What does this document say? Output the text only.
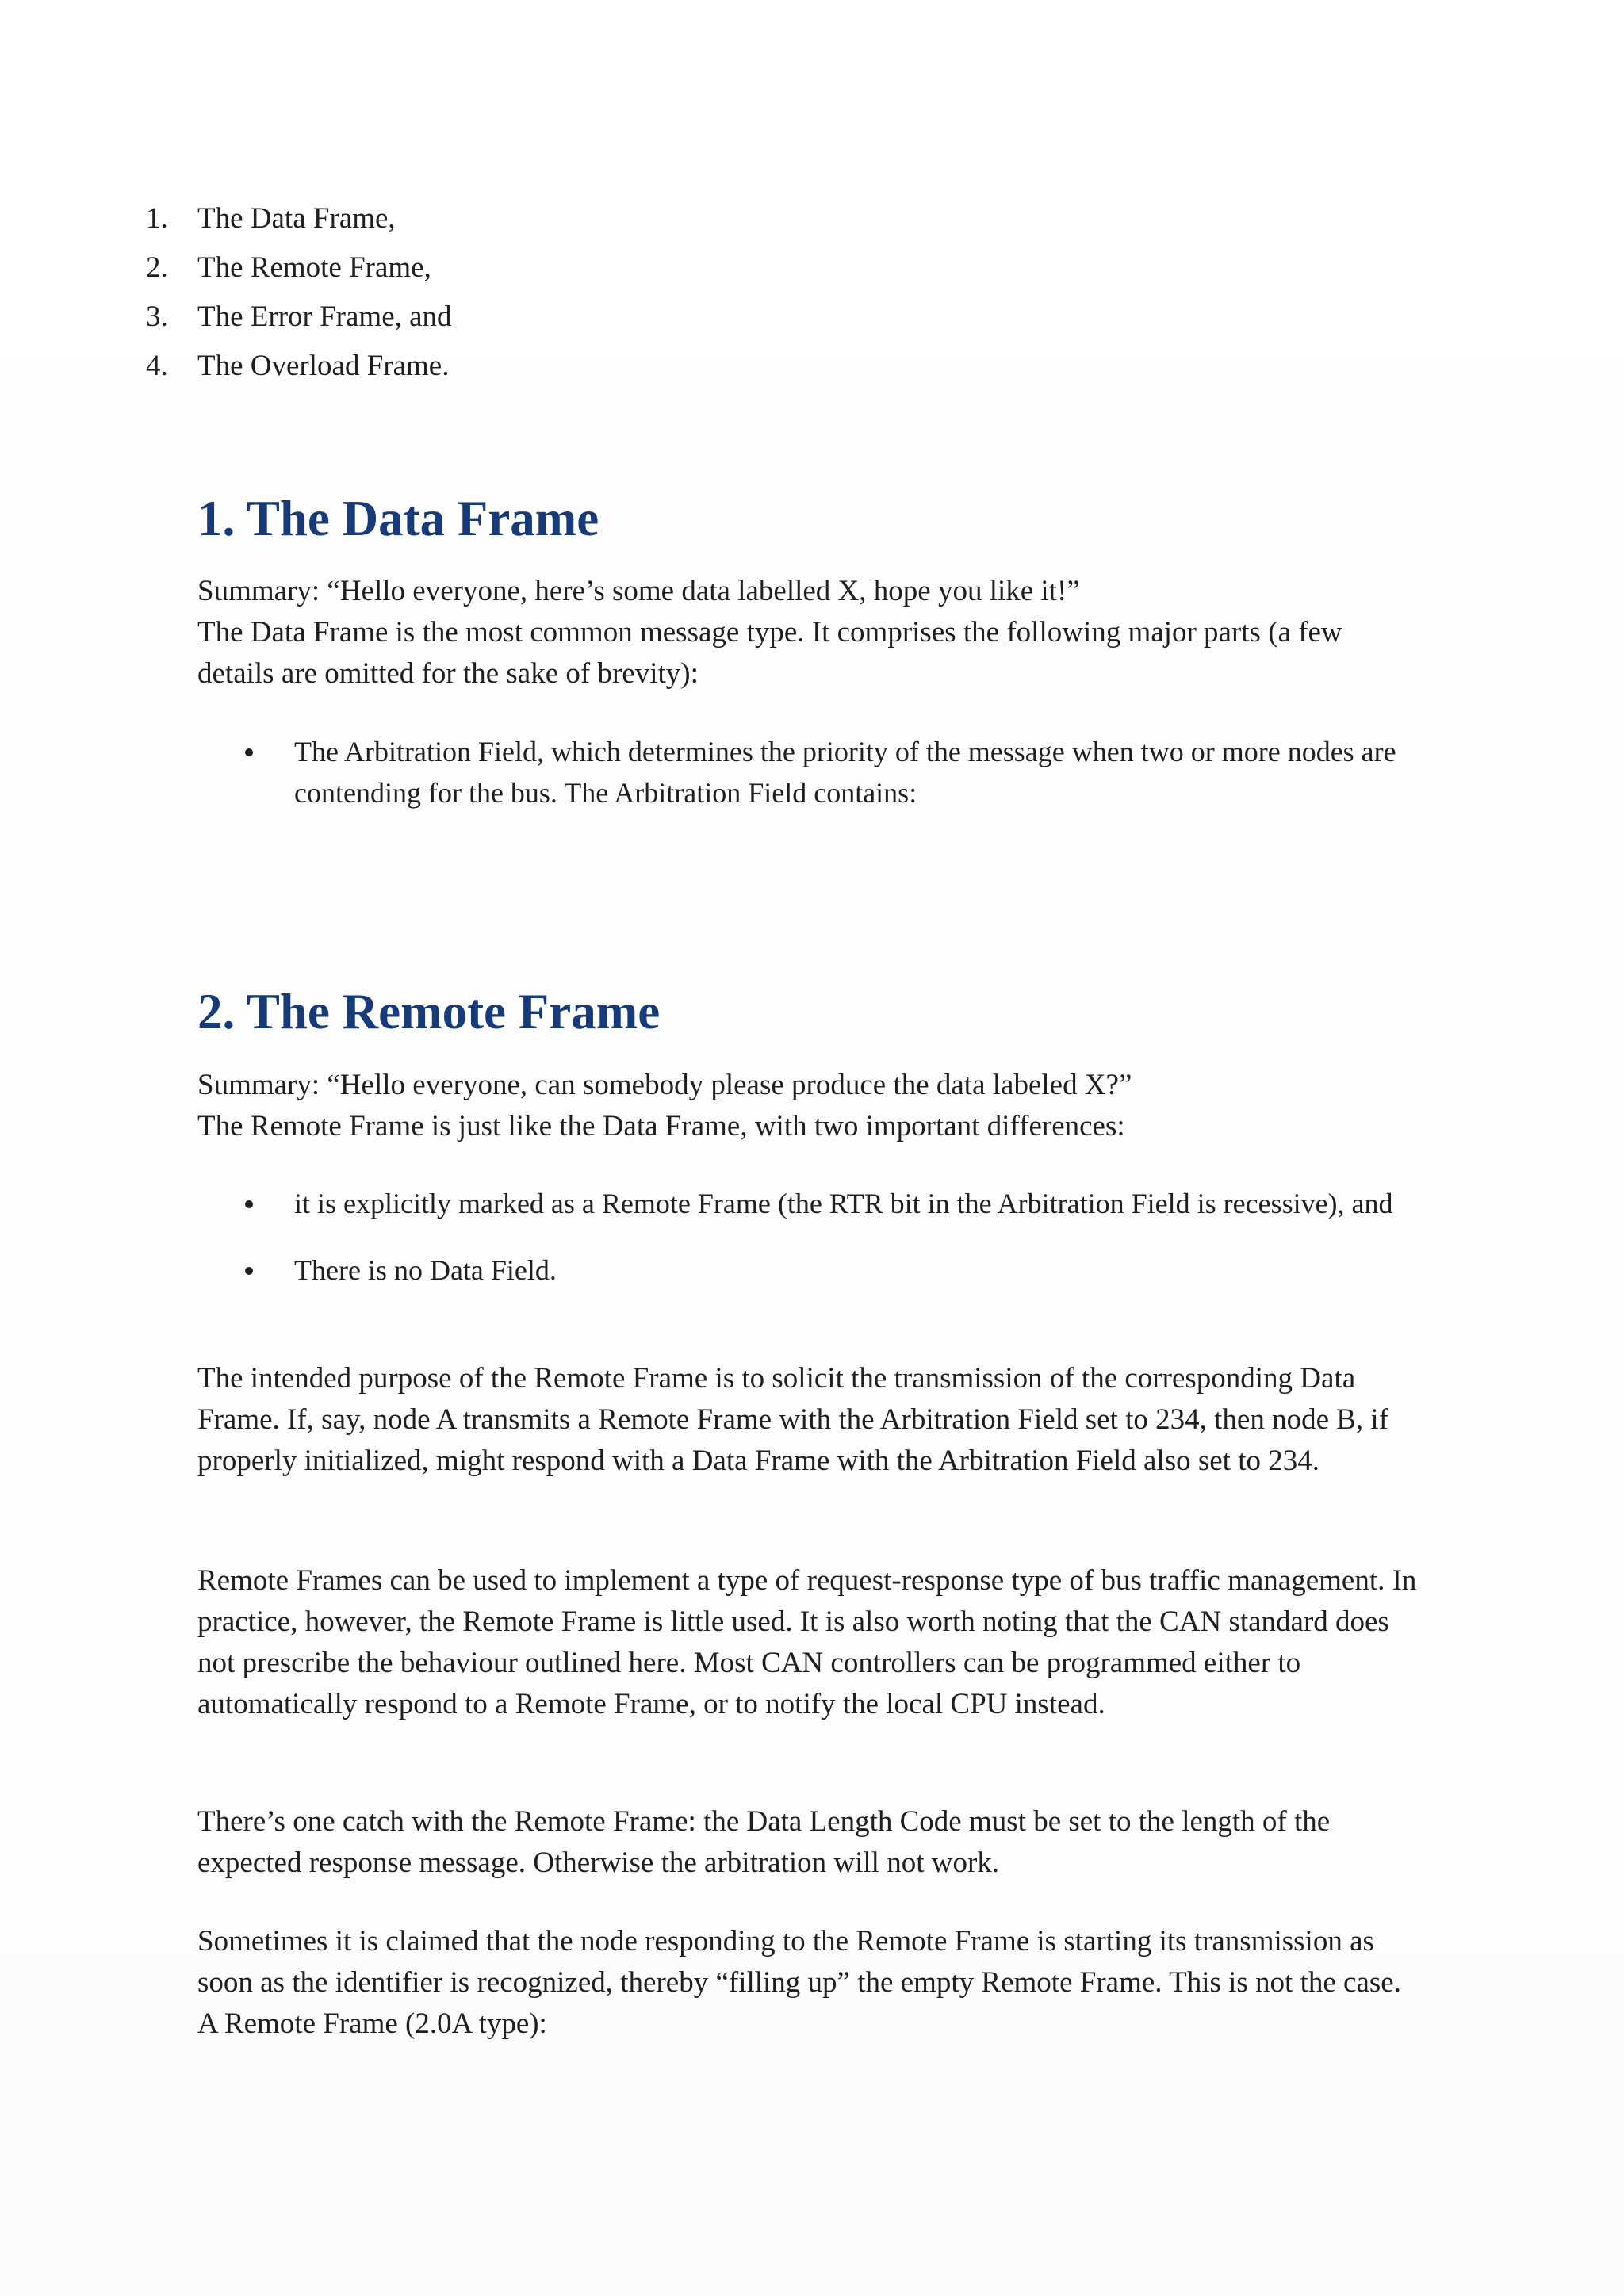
1.	The Data Frame,
2.	The Remote Frame,
3.	The Error Frame, and
4.	The Overload Frame.
1. The Data Frame

Summary: “Hello everyone, here’s some data labelled X, hope you like it!”

The Data Frame is the most common message type. It comprises the following major parts (a few details are omitted for the sake of brevity):

The Arbitration Field, which determines the priority of the message when two or more nodes are contending for the bus. The Arbitration Field contains:
2. The Remote Frame

Summary: “Hello everyone, can somebody please produce the data labeled X?”

The Remote Frame is just like the Data Frame, with two important differences:

it is explicitly marked as a Remote Frame (the RTR bit in the Arbitration Field is recessive), and
There is no Data Field.

The intended purpose of the Remote Frame is to solicit the transmission of the corresponding Data Frame. If, say, node A transmits a Remote Frame with the Arbitration Field set to 234, then node B, if properly initialized, might respond with a Data Frame with the Arbitration Field also set to 234.

Remote Frames can be used to implement a type of request-response type of bus traffic management. In practice, however, the Remote Frame is little used. It is also worth noting that the CAN standard does not prescribe the behaviour outlined here. Most CAN controllers can be programmed either to automatically respond to a Remote Frame, or to notify the local CPU instead.

There’s one catch with the Remote Frame: the Data Length Code must be set to the length of the expected response message. Otherwise the arbitration will not work.

Sometimes it is claimed that the node responding to the Remote Frame is starting its transmission as soon as the identifier is recognized, thereby “filling up” the empty Remote Frame. This is not the case.

A Remote Frame (2.0A type):
